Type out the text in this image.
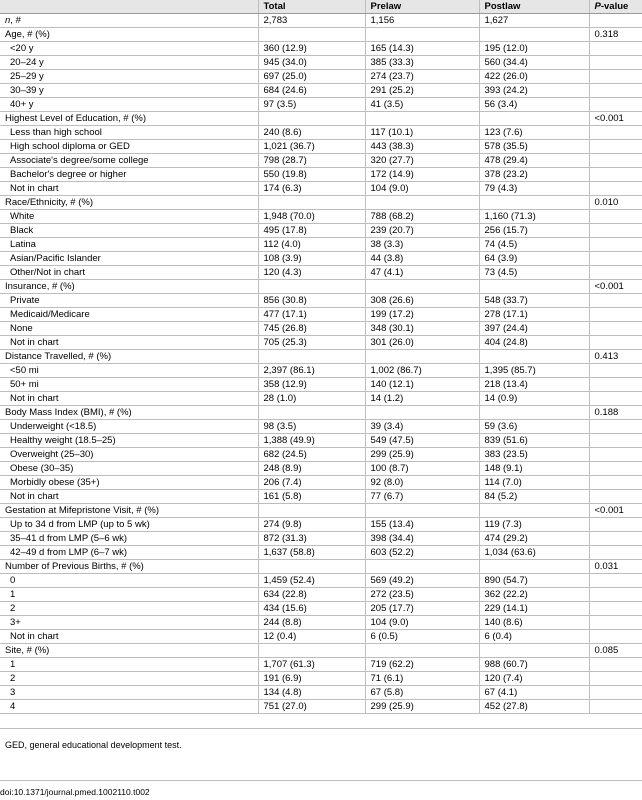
	Total	Prelaw	Postlaw	P-value
n, #	2,783	1,156	1,627	
Age, # (%)				0.318
<20 y	360 (12.9)	165 (14.3)	195 (12.0)	
20–24 y	945 (34.0)	385 (33.3)	560 (34.4)	
25–29 y	697 (25.0)	274 (23.7)	422 (26.0)	
30–39 y	684 (24.6)	291 (25.2)	393 (24.2)	
40+ y	97 (3.5)	41 (3.5)	56 (3.4)	
Highest Level of Education, # (%)				<0.001
Less than high school	240 (8.6)	117 (10.1)	123 (7.6)	
High school diploma or GED	1,021 (36.7)	443 (38.3)	578 (35.5)	
Associate's degree/some college	798 (28.7)	320 (27.7)	478 (29.4)	
Bachelor's degree or higher	550 (19.8)	172 (14.9)	378 (23.2)	
Not in chart	174 (6.3)	104 (9.0)	79 (4.3)	
Race/Ethnicity, # (%)				0.010
White	1,948 (70.0)	788 (68.2)	1,160 (71.3)	
Black	495 (17.8)	239 (20.7)	256 (15.7)	
Latina	112 (4.0)	38 (3.3)	74 (4.5)	
Asian/Pacific Islander	108 (3.9)	44 (3.8)	64 (3.9)	
Other/Not in chart	120 (4.3)	47 (4.1)	73 (4.5)	
Insurance, # (%)				<0.001
Private	856 (30.8)	308 (26.6)	548 (33.7)	
Medicaid/Medicare	477 (17.1)	199 (17.2)	278 (17.1)	
None	745 (26.8)	348 (30.1)	397 (24.4)	
Not in chart	705 (25.3)	301 (26.0)	404 (24.8)	
Distance Travelled, # (%)				0.413
<50 mi	2,397 (86.1)	1,002 (86.7)	1,395 (85.7)	
50+ mi	358 (12.9)	140 (12.1)	218 (13.4)	
Not in chart	28 (1.0)	14 (1.2)	14 (0.9)	
Body Mass Index (BMI), # (%)				0.188
Underweight (<18.5)	98 (3.5)	39 (3.4)	59 (3.6)	
Healthy weight (18.5–25)	1,388 (49.9)	549 (47.5)	839 (51.6)	
Overweight (25–30)	682 (24.5)	299 (25.9)	383 (23.5)	
Obese (30–35)	248 (8.9)	100 (8.7)	148 (9.1)	
Morbidly obese (35+)	206 (7.4)	92 (8.0)	114 (7.0)	
Not in chart	161 (5.8)	77 (6.7)	84 (5.2)	
Gestation at Mifepristone Visit, # (%)				<0.001
Up to 34 d from LMP (up to 5 wk)	274 (9.8)	155 (13.4)	119 (7.3)	
35–41 d from LMP (5–6 wk)	872 (31.3)	398 (34.4)	474 (29.2)	
42–49 d from LMP (6–7 wk)	1,637 (58.8)	603 (52.2)	1,034 (63.6)	
Number of Previous Births, # (%)				0.031
0	1,459 (52.4)	569 (49.2)	890 (54.7)	
1	634 (22.8)	272 (23.5)	362 (22.2)	
2	434 (15.6)	205 (17.7)	229 (14.1)	
3+	244 (8.8)	104 (9.0)	140 (8.6)	
Not in chart	12 (0.4)	6 (0.5)	6 (0.4)	
Site, # (%)				0.085
1	1,707 (61.3)	719 (62.2)	988 (60.7)	
2	191 (6.9)	71 (6.1)	120 (7.4)	
3	134 (4.8)	67 (5.8)	67 (4.1)	
4	751 (27.0)	299 (25.9)	452 (27.8)	
GED, general educational development test.
doi:10.1371/journal.pmed.1002110.t002
